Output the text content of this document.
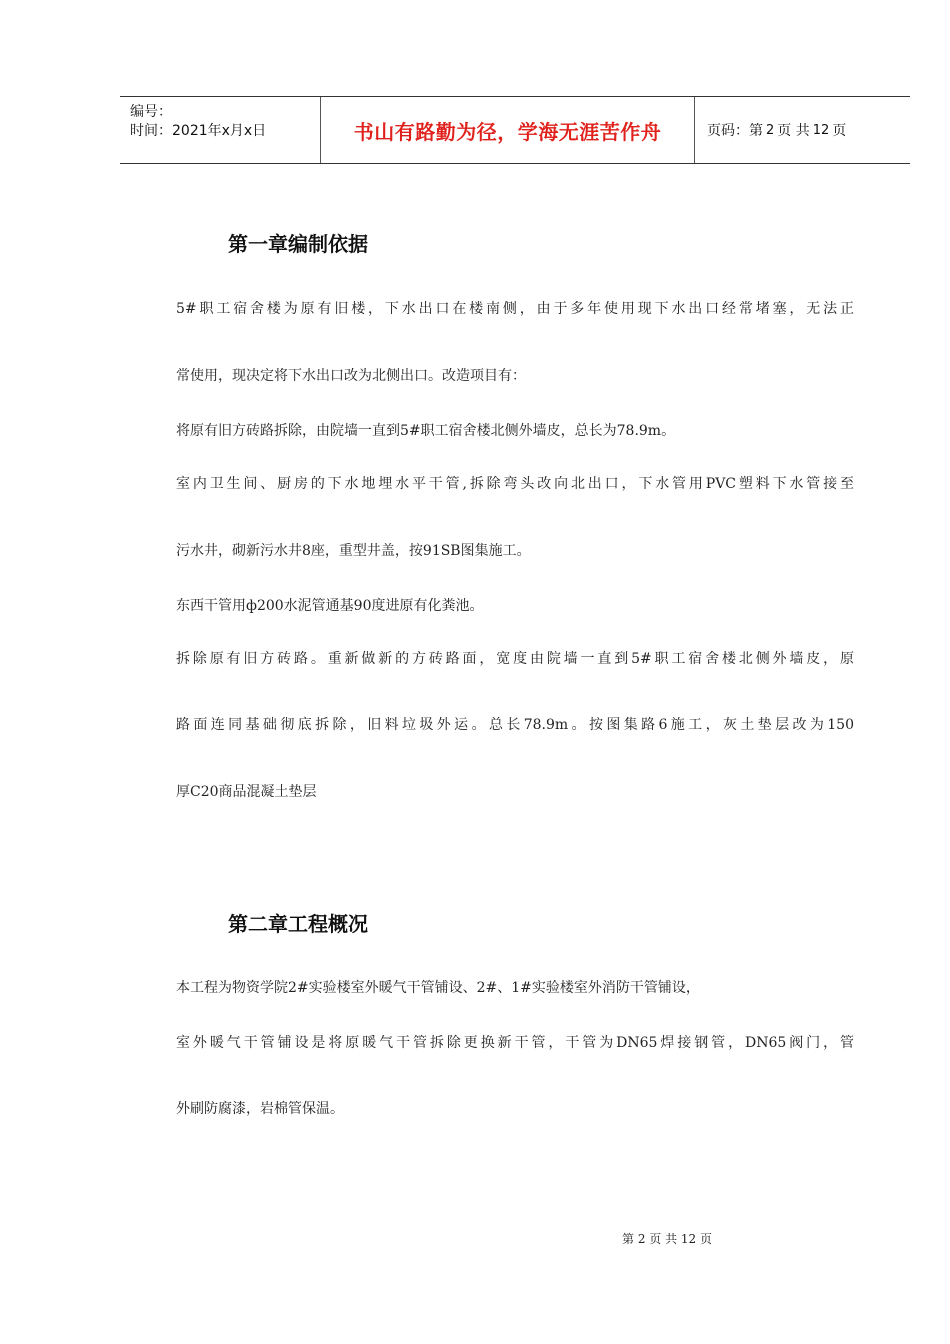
编号：
时间：2021年x月x日	书山有路勤为径，学海无涯苦作舟	页码：第 2 页 共 12 页
第一章编制依据

5#职工宿舍楼为原有旧楼，下水出口在楼南侧，由于多年使用现下水出口经常堵塞，无法正

常使用，现决定将下水出口改为北侧出口。改造项目有：

将原有旧方砖路拆除，由院墙一直到5#职工宿舍楼北侧外墙皮，总长为78.9m。

室内卫生间、厨房的下水地埋水平干管,拆除弯头改向北出口，下水管用PVC塑料下水管接至

污水井，砌新污水井8座，重型井盖，按91SB图集施工。

东西干管用ф200水泥管通基90度进原有化粪池。

拆除原有旧方砖路。重新做新的方砖路面，宽度由院墙一直到5#职工宿舍楼北侧外墙皮，原

路面连同基础彻底拆除，旧料垃圾外运。总长78.9m。按图集路6施工，灰土垫层改为150

厚C20商品混凝土垫层

第二章工程概况

本工程为物资学院2#实验楼室外暖气干管铺设、2#、1#实验楼室外消防干管铺设，

室外暖气干管铺设是将原暖气干管拆除更换新干管，干管为DN65焊接钢管，DN65阀门，管

外刷防腐漆，岩棉管保温。

第 2 页 共 12 页
